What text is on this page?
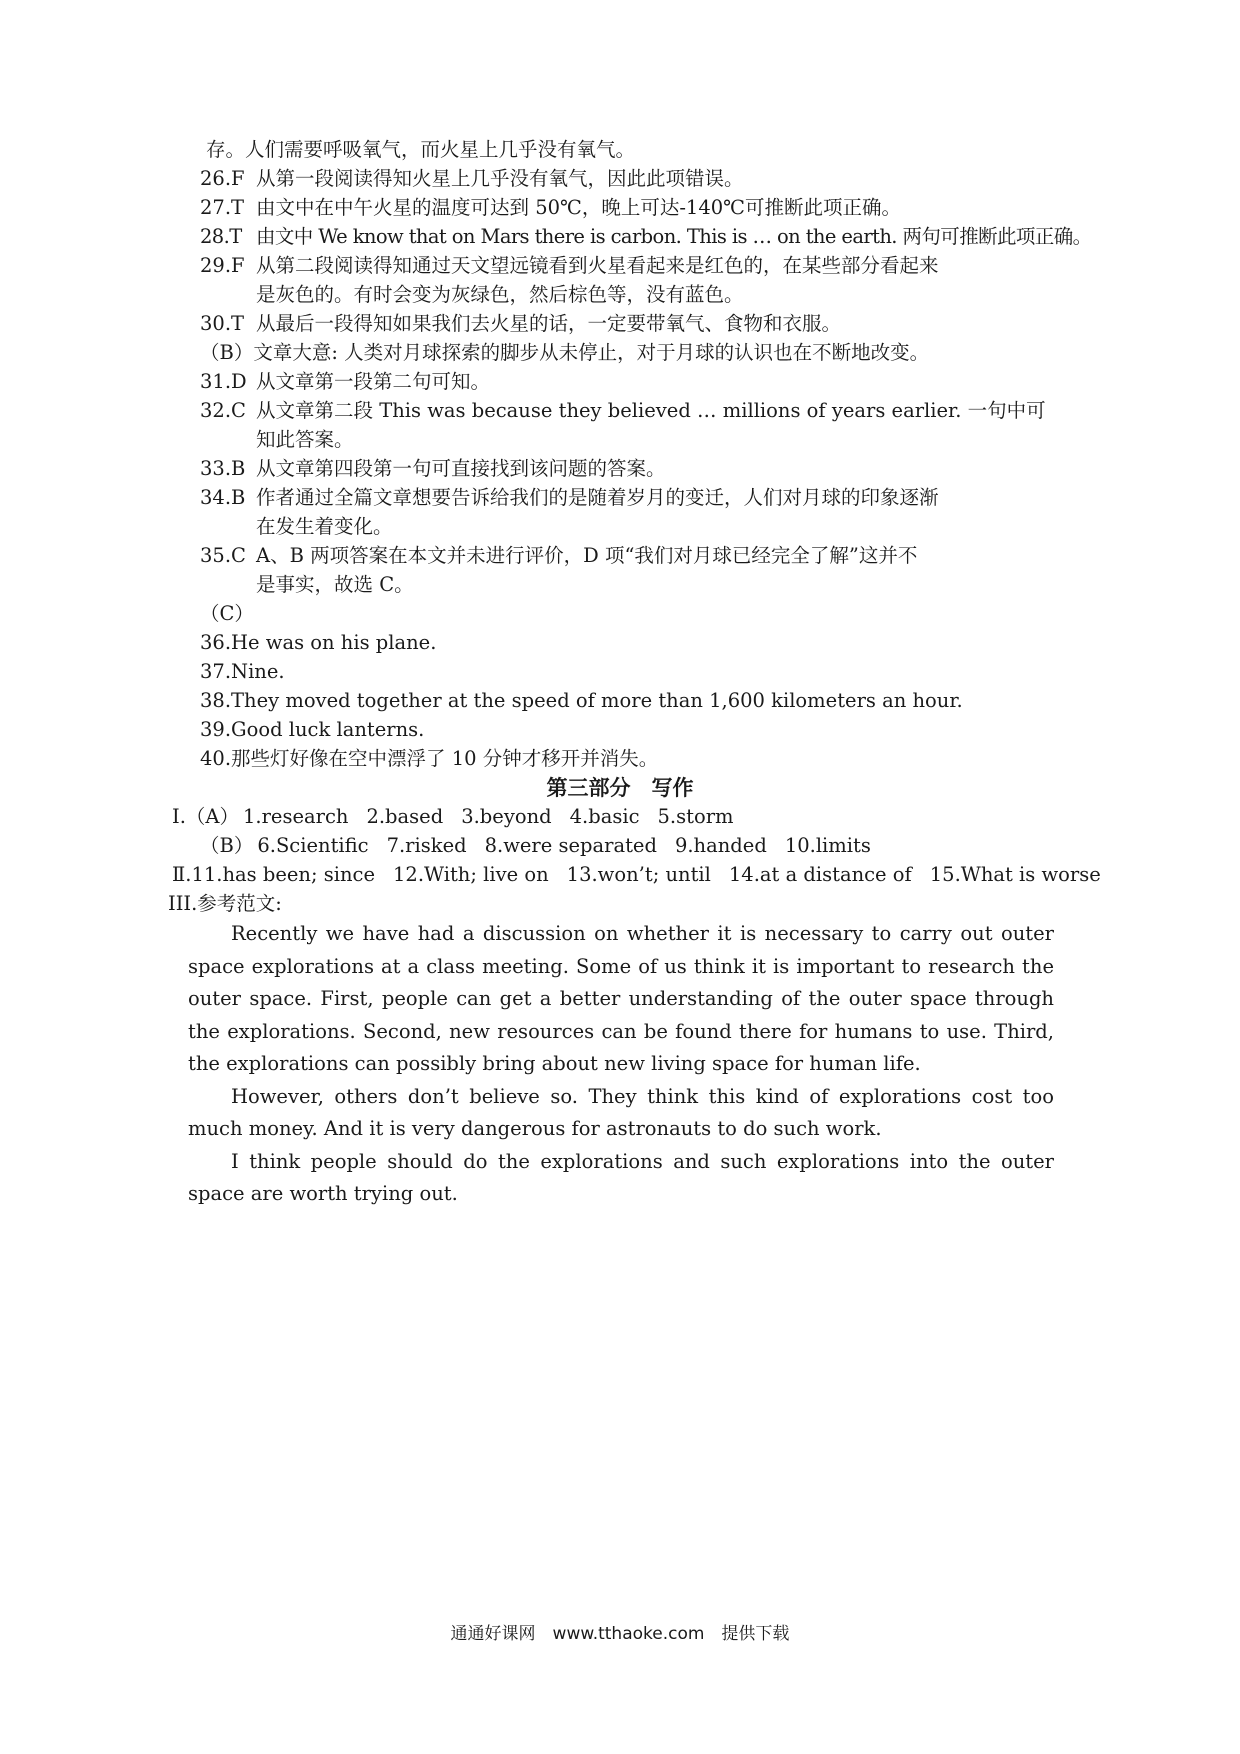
存。人们需要呼吸氧气，而火星上几乎没有氧气。
26.F 从第一段阅读得知火星上几乎没有氧气，因此此项错误。
27.T 由文中在中午火星的温度可达到 50℃，晚上可达-140℃可推断此项正确。
28.T 由文中 We know that on Mars there is carbon. This is … on the earth. 两句可推断此项正确。
29.F 从第二段阅读得知通过天文望远镜看到火星看起来是红色的，在某些部分看起来
是灰色的。有时会变为灰绿色，然后棕色等，没有蓝色。
30.T 从最后一段得知如果我们去火星的话，一定要带氧气、食物和衣服。
（B）文章大意: 人类对月球探索的脚步从未停止，对于月球的认识也在不断地改变。
31.D 从文章第一段第二句可知。
32.C 从文章第二段 This was because they believed … millions of years earlier. 一句中可
知此答案。
33.B 从文章第四段第一句可直接找到该问题的答案。
34.B 作者通过全篇文章想要告诉给我们的是随着岁月的变迁，人们对月球的印象逐渐
在发生着变化。
35.C A、B 两项答案在本文并未进行评价，D 项“我们对月球已经完全了解”这并不
是事实，故选 C。
（C）
36.He was on his plane.
37.Nine.
38.They moved together at the speed of more than 1,600 kilometers an hour.
39.Good luck lanterns.
40.那些灯好像在空中漂浮了 10 分钟才移开并消失。
第三部分　写作
Ⅰ.（A） 1.research 2.based 3.beyond 4.basic 5.storm
（B） 6.Scientific 7.risked 8.were separated 9.handed 10.limits
Ⅱ.11.has been; since 12.With; live on 13.won’t; until 14.at a distance of 15.What is worse
III.参考范文:

Recently we have had a discussion on whether it is necessary to carry out outer space explorations at a class meeting. Some of us think it is important to research the outer space. First, people can get a better understanding of the outer space through the explorations. Second, new resources can be found there for humans to use. Third, the explorations can possibly bring about new living space for human life.

However, others don’t believe so. They think this kind of explorations cost too much money. And it is very dangerous for astronauts to do such work.

I think people should do the explorations and such explorations into the outer space are worth trying out.

通通好课网　www.tthaoke.com　提供下载
